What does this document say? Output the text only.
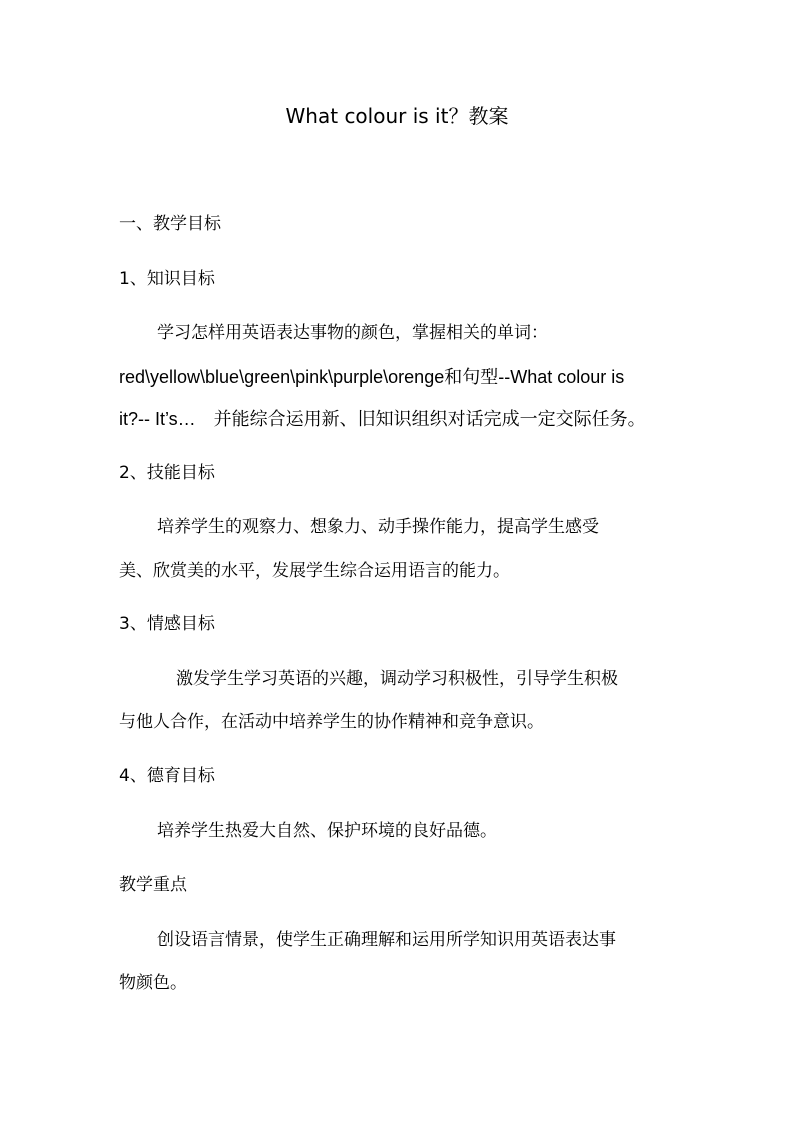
What colour is it？教案
一、教学目标
1、知识目标
学习怎样用英语表达事物的颜色，掌握相关的单词：
red\yellow\blue\green\pink\purple\orenge和句型--What colour is
it?-- It’s…　并能综合运用新、旧知识组织对话完成一定交际任务。
2、技能目标
培养学生的观察力、想象力、动手操作能力，提高学生感受
美、欣赏美的水平，发展学生综合运用语言的能力。
3、情感目标
激发学生学习英语的兴趣，调动学习积极性，引导学生积极
与他人合作，在活动中培养学生的协作精神和竞争意识。
4、德育目标
培养学生热爱大自然、保护环境的良好品德。
教学重点
创设语言情景，使学生正确理解和运用所学知识用英语表达事
物颜色。
